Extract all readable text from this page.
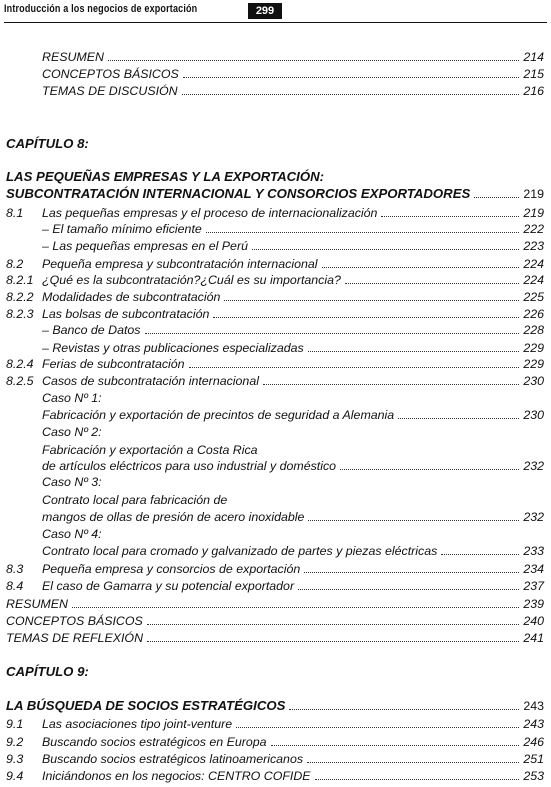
Introducción a los negocios de exportación	299
RESUMEN	214
CONCEPTOS BÁSICOS	215
TEMAS DE DISCUSIÓN	216
CAPÍTULO 8:
LAS PEQUEÑAS EMPRESAS Y LA EXPORTACIÓN:
SUBCONTRATACIÓN INTERNACIONAL Y CONSORCIOS EXPORTADORES	219
8.1 Las pequeñas empresas y el proceso de internacionalización	219
– El tamaño mínimo eficiente	222
– Las pequeñas empresas en el Perú	223
8.2 Pequeña empresa y subcontratación internacional	224
8.2.1 ¿Qué es la subcontratación?¿Cuál es su importancia?	224
8.2.2 Modalidades de subcontratación	225
8.2.3 Las bolsas de subcontratación	226
– Banco de Datos	228
– Revistas y otras publicaciones especializadas	229
8.2.4 Ferias de subcontratación	229
8.2.5 Casos de subcontratación internacional	230
Caso Nº 1:
Fabricación y exportación de precintos de seguridad a Alemania	230
Caso Nº 2:
Fabricación y exportación a Costa Rica
de artículos eléctricos para uso industrial y doméstico	232
Caso Nº 3:
Contrato local para fabricación de
mangos de ollas de presión de acero inoxidable	232
Caso Nº 4:
Contrato local para cromado y galvanizado de partes y piezas eléctricas	233
8.3 Pequeña empresa y consorcios de exportación	234
8.4 El caso de Gamarra y su potencial exportador	237
RESUMEN	239
CONCEPTOS BÁSICOS	240
TEMAS DE REFLEXIÓN	241
CAPÍTULO 9:
LA BÚSQUEDA DE SOCIOS ESTRATÉGICOS	243
9.1 Las asociaciones tipo joint-venture	243
9.2 Buscando socios estratégicos en Europa	246
9.3 Buscando socios estratégicos latinoamericanos	251
9.4 Iniciándonos en los negocios: CENTRO COFIDE	253
